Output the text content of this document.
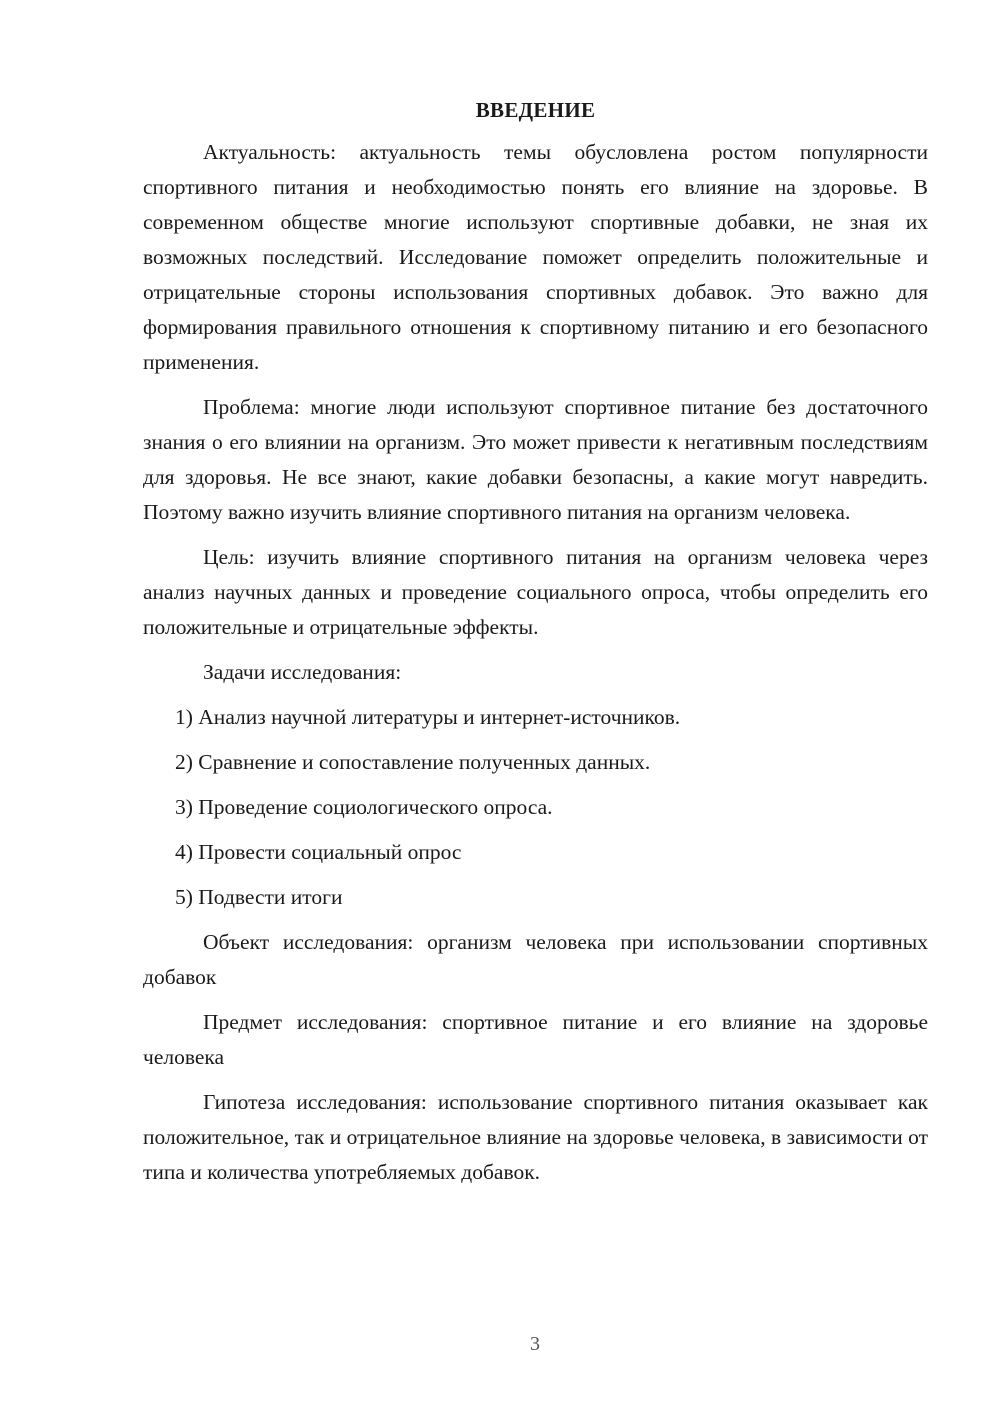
ВВЕДЕНИЕ

Актуальность: актуальность темы обусловлена ростом популярности спортивного питания и необходимостью понять его влияние на здоровье. В современном обществе многие используют спортивные добавки, не зная их возможных последствий. Исследование поможет определить положительные и отрицательные стороны использования спортивных добавок. Это важно для формирования правильного отношения к спортивному питанию и его безопасного применения.

Проблема: многие люди используют спортивное питание без достаточного знания о его влиянии на организм. Это может привести к негативным последствиям для здоровья. Не все знают, какие добавки безопасны, а какие могут навредить. Поэтому важно изучить влияние спортивного питания на организм человека.

Цель: изучить влияние спортивного питания на организм человека через анализ научных данных и проведение социального опроса, чтобы определить его положительные и отрицательные эффекты.

Задачи исследования:
1) Анализ научной литературы и интернет-источников.
2) Сравнение и сопоставление полученных данных.
3) Проведение социологического опроса.
4) Провести социальный опрос
5) Подвести итоги

Объект исследования: организм человека при использовании спортивных добавок

Предмет исследования: спортивное питание и его влияние на здоровье человека

Гипотеза исследования: использование спортивного питания оказывает как положительное, так и отрицательное влияние на здоровье человека, в зависимости от типа и количества употребляемых добавок.

3
